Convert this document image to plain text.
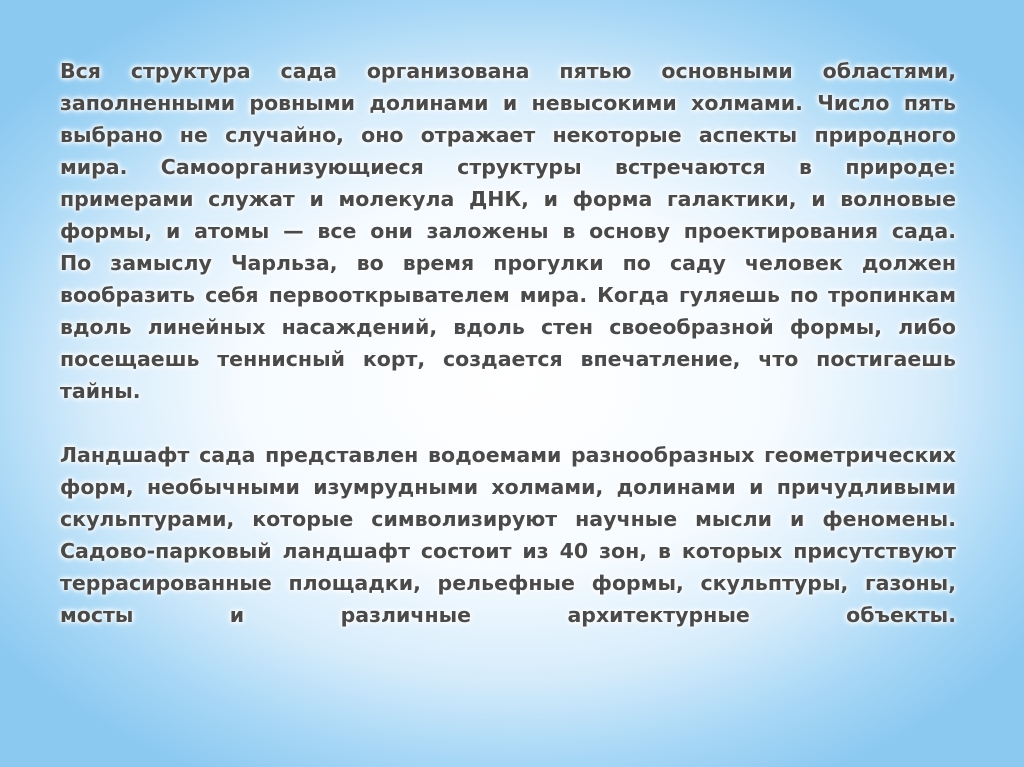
Вся структура сада организована пятью основными областями, заполненными ровными долинами и невысокими холмами. Число пять выбрано не случайно, оно отражает некоторые аспекты природного мира. Самоорганизующиеся структуры встречаются в природе: примерами служат и молекула ДНК, и форма галактики, и волновые формы, и атомы — все они заложены в основу проектирования сада.

По замыслу Чарльза, во время прогулки по саду человек должен вообразить себя первооткрывателем мира. Когда гуляешь по тропинкам вдоль линейных насаждений, вдоль стен своеобразной формы, либо посещаешь теннисный корт, создается впечатление, что постигаешь тайны.

Ландшафт сада представлен водоемами разнообразных геометрических форм, необычными изумрудными холмами, долинами и причудливыми скульптурами, которые символизируют научные мысли и феномены. Садово-парковый ландшафт состоит из 40 зон, в которых присутствуют террасированные площадки, рельефные формы, скульптуры, газоны, мосты и различные архитектурные объекты.
